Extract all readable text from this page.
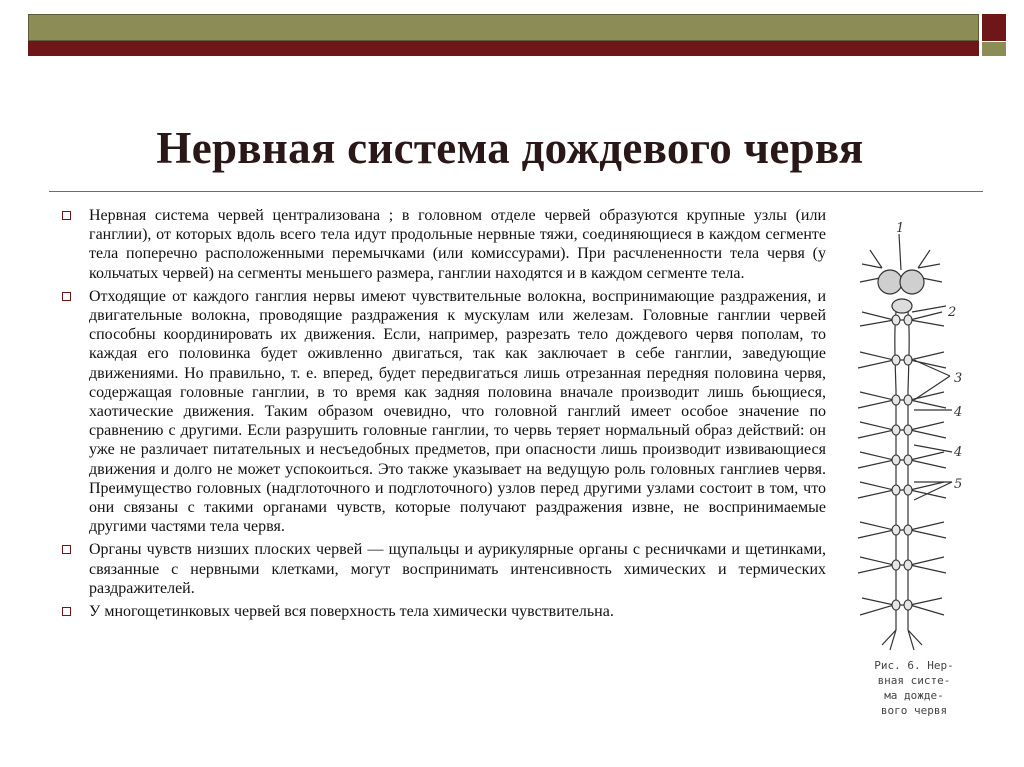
Нервная система дождевого червя
Нервная система червей централизована ; в головном отделе червей образуются крупные узлы (или ганглии), от которых вдоль всего тела идут продольные нервные тяжи, соединяющиеся в каждом сегменте тела поперечно расположенными перемычками (или комиссурами). При расчлененности тела червя (у кольчатых червей) на сегменты меньшего размера, ганглии находятся и в каждом сегменте тела.
Отходящие от каждого ганглия нервы имеют чувствительные волокна, воспринимающие раздражения, и двигательные волокна, проводящие раздражения к мускулам или железам. Головные ганглии червей способны координировать их движения. Если, например, разрезать тело дождевого червя пополам, то каждая его половинка будет оживленно двигаться, так как заключает в себе ганглии, заведующие движениями. Но правильно, т. е. вперед, будет передвигаться лишь отрезанная передняя половина червя, содержащая головные ганглии, в то время как задняя половина вначале производит лишь бьющиеся, хаотические движения. Таким образом очевидно, что головной ганглий имеет особое значение по сравнению с другими. Если разрушить головные ганглии, то червь теряет нормальный образ действий: он уже не различает питательных и несъедобных предметов, при опасности лишь производит извивающиеся движения и долго не может успокоиться. Это также указывает на ведущую роль головных ганглиев червя. Преимущество головных (надглоточного и подглоточного) узлов перед другими узлами состоит в том, что они связаны с такими органами чувств, которые получают раздражения извне, не воспринимаемые другими частями тела червя.
Органы чувств низших плоских червей — щупальцы и аурикулярные органы с ресничками и щетинками, связанные с нервными клетками, могут воспринимать интенсивность химических и термических раздражителей.
У многощетинковых червей вся поверхность тела химически чувствительна.
1
2
3
4
4
5
Рис. 6. Нер-
вная систе-
ма дожде-
вого червя
